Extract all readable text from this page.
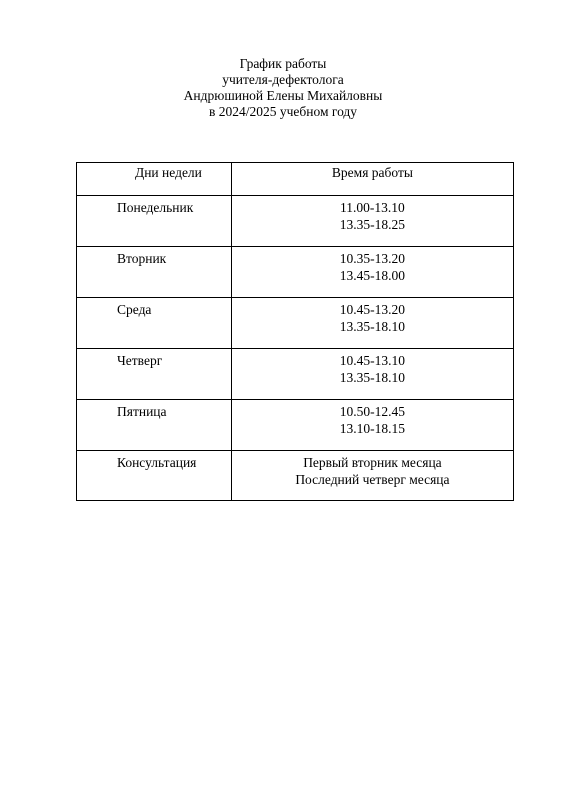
График работы
учителя-дефектолога
Андрюшиной Елены Михайловны
в 2024/2025 учебном году
Дни недели	Время работы
Понедельник	11.00-13.10
13.35-18.25

Вторник	10.35-13.20
13.45-18.00

Среда	10.45-13.20
13.35-18.10

Четверг	10.45-13.10
13.35-18.10

Пятница	10.50-12.45
13.10-18.15

Консультация	Первый вторник месяца
Последний четверг месяца
